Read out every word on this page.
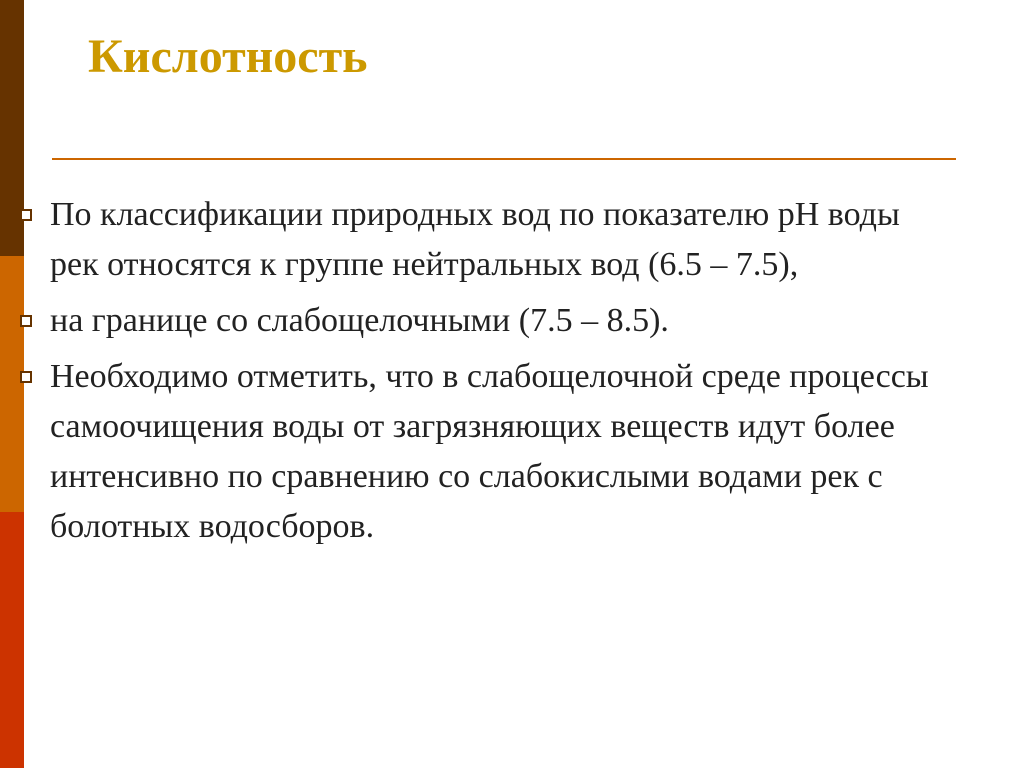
Кислотность
По классификации природных вод по показателю pH воды рек относятся к группе нейтральных вод (6.5 – 7.5),
на границе со слабощелочными (7.5 – 8.5).
Необходимо отметить, что в слабощелочной среде процессы самоочищения воды от загрязняющих веществ идут более интенсивно по сравнению со слабокислыми водами рек с болотных водосборов.
